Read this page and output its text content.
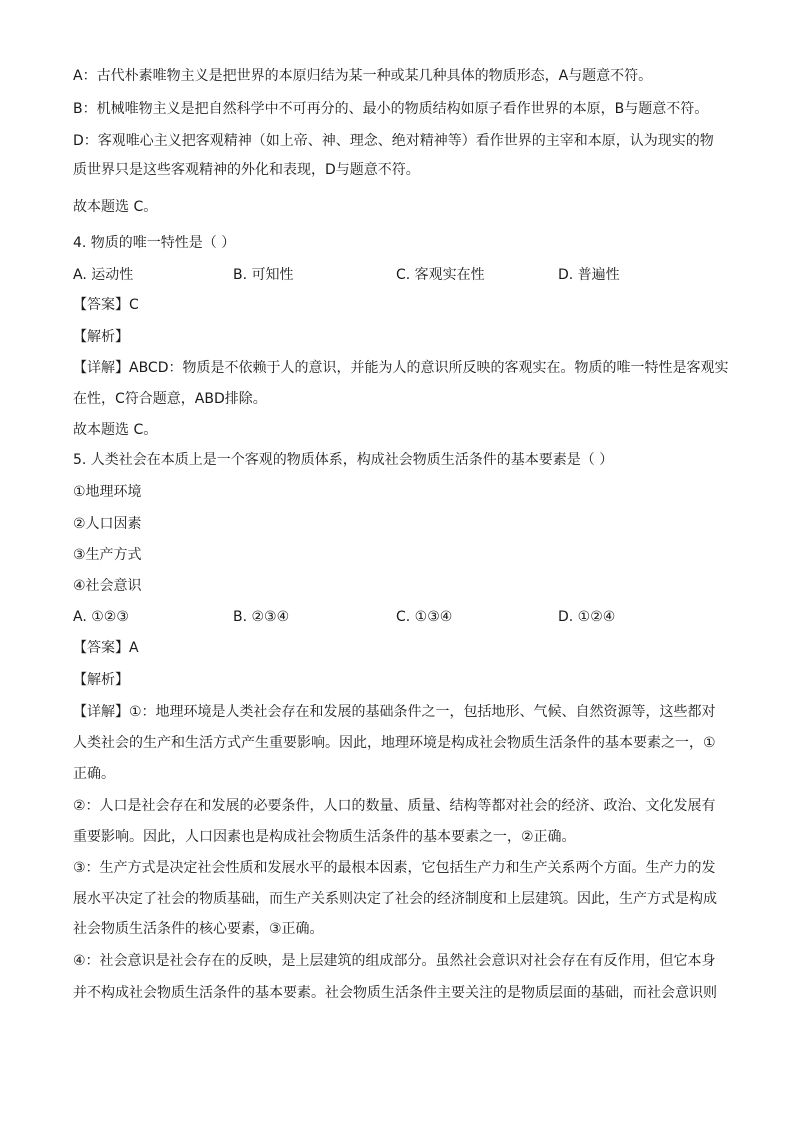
A：古代朴素唯物主义是把世界的本原归结为某一种或某几种具体的物质形态，A与题意不符。
B：机械唯物主义是把自然科学中不可再分的、最小的物质结构如原子看作世界的本原，B与题意不符。
D：客观唯心主义把客观精神（如上帝、神、理念、绝对精神等）看作世界的主宰和本原，认为现实的物
质世界只是这些客观精神的外化和表现，D与题意不符。
故本题选 C。
4. 物质的唯一特性是（ ）
A. 运动性	B. 可知性	C. 客观实在性	D. 普遍性
【答案】C
【解析】
【详解】ABCD：物质是不依赖于人的意识，并能为人的意识所反映的客观实在。物质的唯一特性是客观实
在性，C符合题意，ABD排除。
故本题选 C。
5. 人类社会在本质上是一个客观的物质体系，构成社会物质生活条件的基本要素是（ ）
①地理环境
②人口因素
③生产方式
④社会意识
A. ①②③	B. ②③④	C. ①③④	D. ①②④
【答案】A
【解析】
【详解】①：地理环境是人类社会存在和发展的基础条件之一，包括地形、气候、自然资源等，这些都对
人类社会的生产和生活方式产生重要影响。因此，地理环境是构成社会物质生活条件的基本要素之一，①
正确。
②：人口是社会存在和发展的必要条件，人口的数量、质量、结构等都对社会的经济、政治、文化发展有
重要影响。因此，人口因素也是构成社会物质生活条件的基本要素之一，②正确。
③：生产方式是决定社会性质和发展水平的最根本因素，它包括生产力和生产关系两个方面。生产力的发
展水平决定了社会的物质基础，而生产关系则决定了社会的经济制度和上层建筑。因此，生产方式是构成
社会物质生活条件的核心要素，③正确。
④：社会意识是社会存在的反映，是上层建筑的组成部分。虽然社会意识对社会存在有反作用，但它本身
并不构成社会物质生活条件的基本要素。社会物质生活条件主要关注的是物质层面的基础，而社会意识则
